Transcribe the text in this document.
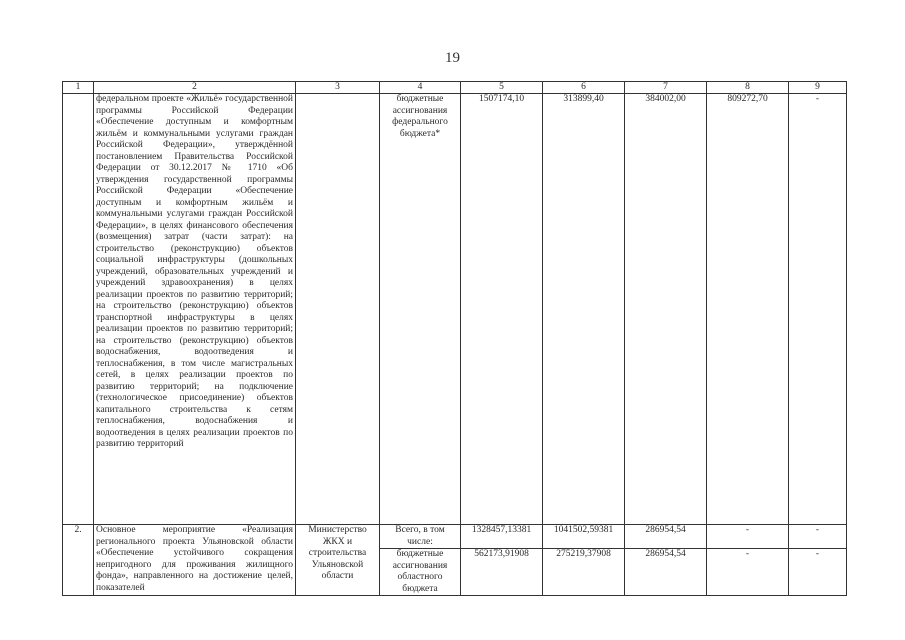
19
1	2	3	4	5	6	7	8	9
	федеральном проекте «Жильё» государственной программы Российской Федерации «Обеспечение доступным и комфортным жильём и коммунальными услугами граждан Российской Федерации», утверждённой постановлением Правительства Российской Федерации от 30.12.2017 № 1710 «Об утверждения государственной программы Российской Федерации «Обеспечение доступным и комфортным жильём и коммунальными услугами граждан Российской Федерации», в целях финансового обеспечения (возмещения) затрат (части затрат): на строительство (реконструкцию) объектов социальной инфраструктуры (дошкольных учреждений, образовательных учреждений и учреждений здравоохранения) в целях реализации проектов по развитию территорий; на строительство (реконструкцию) объектов транспортной инфраструктуры в целях реализации проектов по развитию территорий; на строительство (реконструкцию) объектов водоснабжения, водоотведения и теплоснабжения, в том числе магистральных сетей, в целях реализации проектов по развитию территорий; на подключение (технологическое присоединение) объектов капитального строительства к сетям теплоснабжения, водоснабжения и водоотведения в целях реализации проектов по развитию территорий		бюджетные ассигнования федерального бюджета*	1507174,10	313899,40	384002,00	809272,70	-
2.	Основное мероприятие «Реализация регионального проекта Ульяновской области «Обеспечение устойчивого сокращения непригодного для проживания жилищного фонда», направленного на достижение целей, показателей	Министерство ЖКХ и строительства Ульяновской области	Всего, в том числе:	1328457,13381	1041502,59381	286954,54	-	-
			бюджетные ассигнования областного бюджета	562173,91908	275219,37908	286954,54	-	-
